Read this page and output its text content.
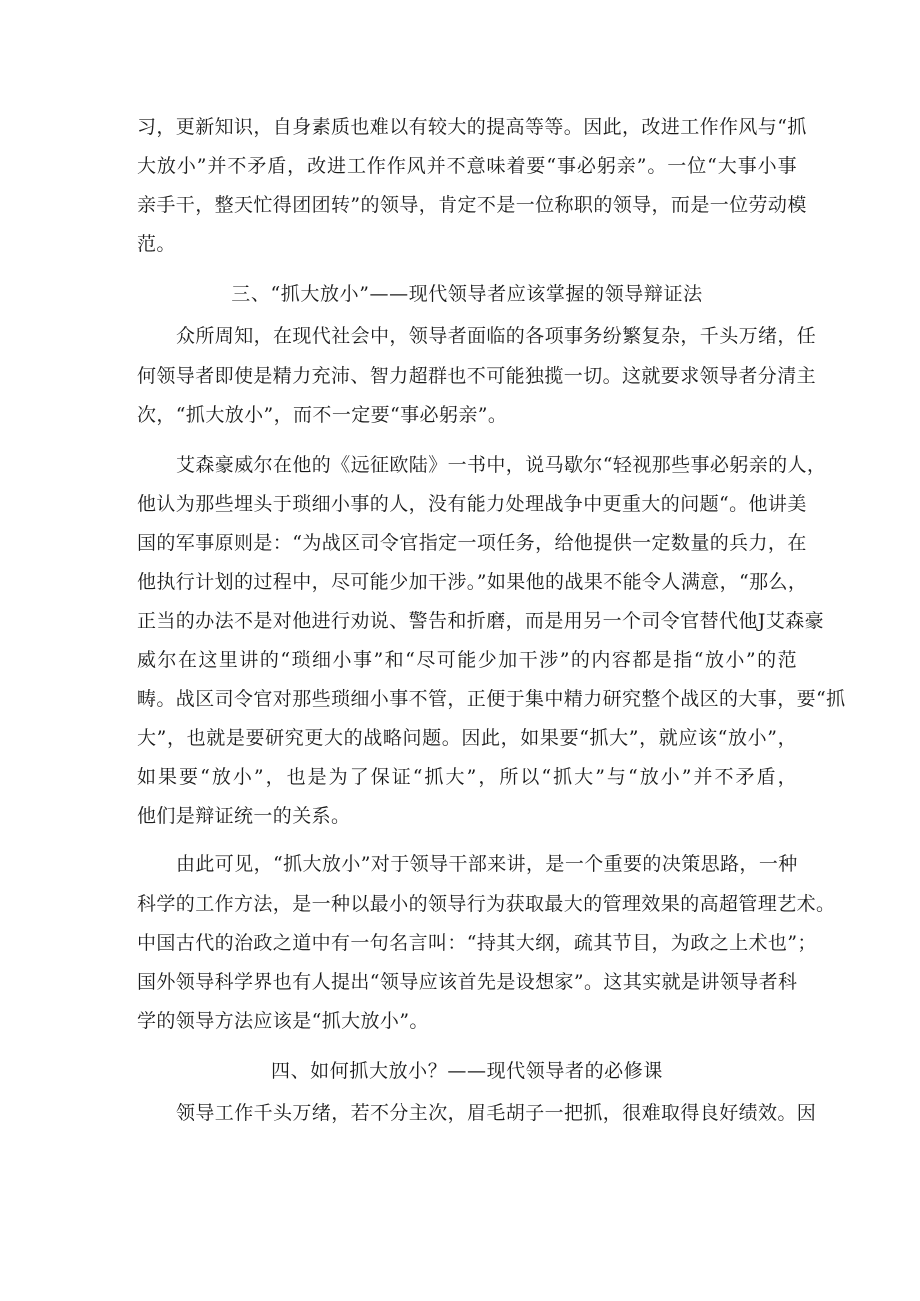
习，更新知识，自身素质也难以有较大的提高等等。因此，改进工作作风与“抓
大放小”并不矛盾，改进工作作风并不意味着要“事必躬亲”。一位“大事小事
亲手干，整天忙得团团转”的领导，肯定不是一位称职的领导，而是一位劳动模
范。
三、“抓大放小”——现代领导者应该掌握的领导辩证法
众所周知，在现代社会中，领导者面临的各项事务纷繁复杂，千头万绪，任
何领导者即使是精力充沛、智力超群也不可能独揽一切。这就要求领导者分清主
次，“抓大放小”，而不一定要“事必躬亲”。
艾森豪威尔在他的《远征欧陆》一书中，说马歇尔“轻视那些事必躬亲的人，
他认为那些埋头于琐细小事的人，没有能力处理战争中更重大的问题“。他讲美
国的军事原则是：“为战区司令官指定一项任务，给他提供一定数量的兵力，在
他执行计划的过程中，尽可能少加干涉。”如果他的战果不能令人满意，“那么，
正当的办法不是对他进行劝说、警告和折磨，而是用另一个司令官替代他J艾森豪
威尔在这里讲的“琐细小事”和“尽可能少加干涉”的内容都是指“放小”的范
畴。战区司令官对那些琐细小事不管，正便于集中精力研究整个战区的大事，要“抓
大”，也就是要研究更大的战略问题。因此，如果要“抓大”，就应该“放小”，
如果要“放小”，也是为了保证“抓大”，所以“抓大”与“放小”并不矛盾，
他们是辩证统一的关系。
由此可见，“抓大放小”对于领导干部来讲，是一个重要的决策思路，一种
科学的工作方法，是一种以最小的领导行为获取最大的管理效果的高超管理艺术。
中国古代的治政之道中有一句名言叫：“持其大纲，疏其节目，为政之上术也”；
国外领导科学界也有人提出“领导应该首先是设想家”。这其实就是讲领导者科
学的领导方法应该是“抓大放小”。
四、如何抓大放小？——现代领导者的必修课
领导工作千头万绪，若不分主次，眉毛胡子一把抓，很难取得良好绩效。因
